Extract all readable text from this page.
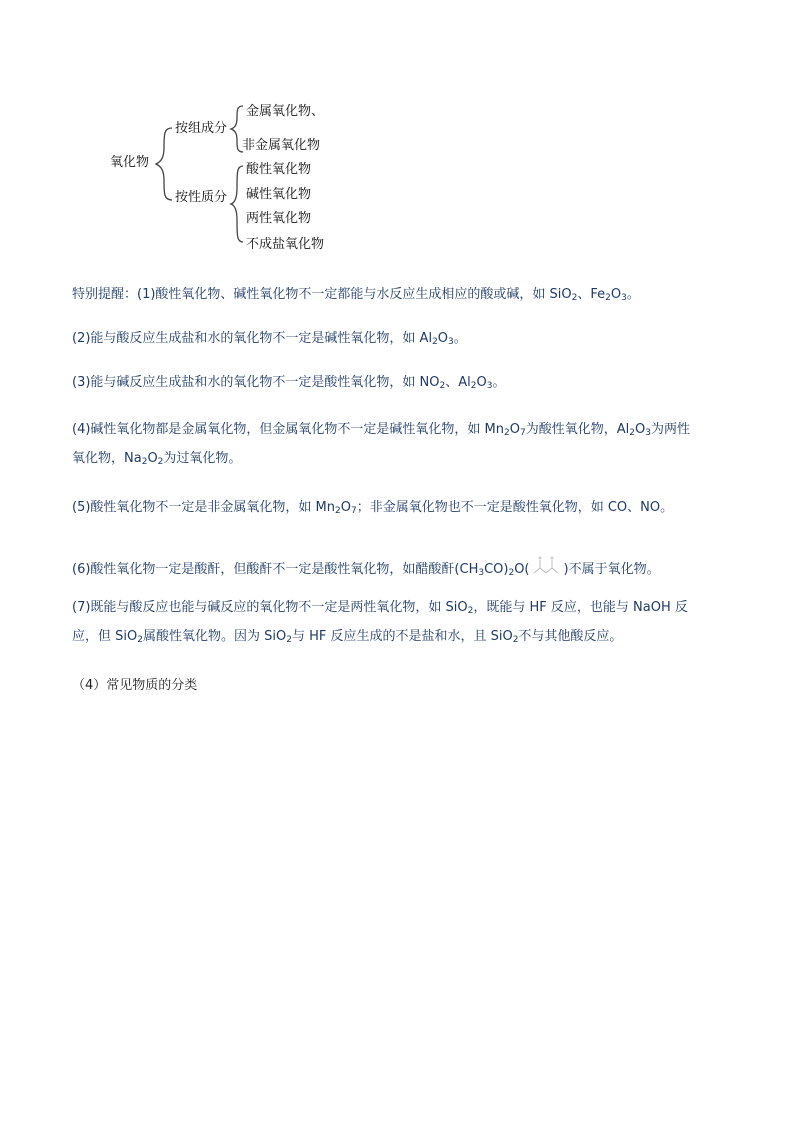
氧化物
按组成分
按性质分
金属氧化物、
非金属氧化物
酸性氧化物
碱性氧化物
两性氧化物
不成盐氧化物
特别提醒：(1)酸性氧化物、碱性氧化物不一定都能与水反应生成相应的酸或碱，如 SiO$_2$、$Fe_2O_3$。
(2)能与酸反应生成盐和水的氧化物不一定是碱性氧化物，如 $Al_2O_3$。
(3)能与碱反应生成盐和水的氧化物不一定是酸性氧化物，如 $NO_2$、$Al_2O_3$。
(4)碱性氧化物都是金属氧化物，但金属氧化物不一定是碱性氧化物，如 $Mn_2O_7$为酸性氧化物，$Al_2O_3$为两性
氧化物，$Na_2O_2$为过氧化物。
(5)酸性氧化物不一定是非金属氧化物，如 $Mn_2O_7$；非金属氧化物也不一定是酸性氧化物，如 CO、NO。
(6)酸性氧化物一定是酸酐，但酸酐不一定是酸性氧化物，如醋酸酐$(CH_3CO)_2O$(	)不属于氧化物。
(7)既能与酸反应也能与碱反应的氧化物不一定是两性氧化物，如 SiO$_2$，既能与 HF 反应，也能与 NaOH 反
应，但 SiO$_2$属酸性氧化物。因为 SiO$_2$与 HF 反应生成的不是盐和水，且 SiO$_2$不与其他酸反应。
（4）常见物质的分类
